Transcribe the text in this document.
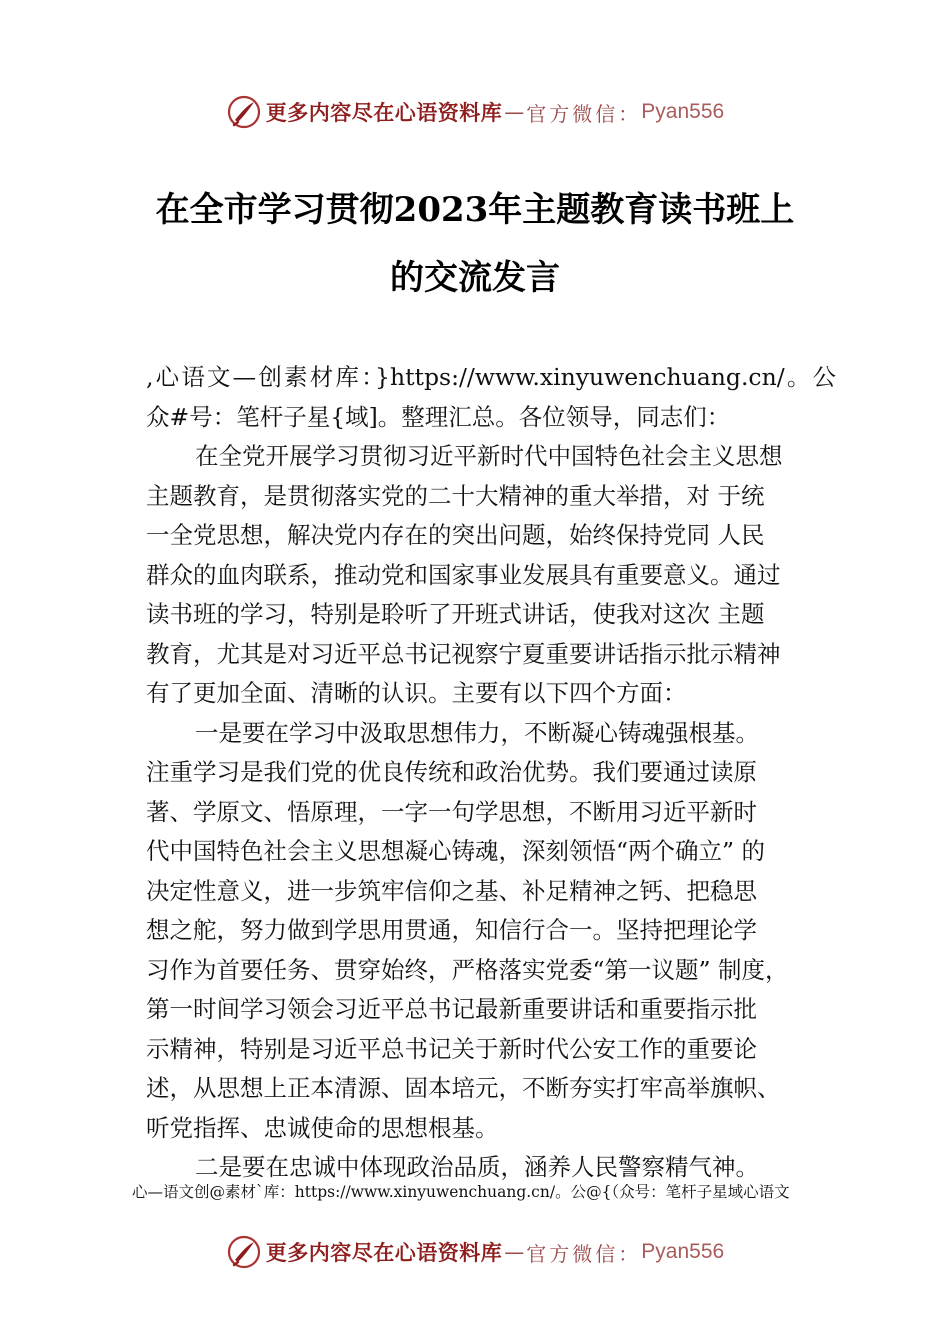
更多内容尽在心语资料库 — 官方微信： Pyan556
在全市学习贯彻2023年主题教育读书班上
的交流发言
,心语文—创素材库：}https://www.xinyuwenchuang.cn/。公
众#号：笔杆子星{域]。整理汇总。各位领导，同志们：
在全党开展学习贯彻习近平新时代中国特色社会主义思想
主题教育，是贯彻落实党的二十大精神的重大举措，对 于统
一全党思想，解决党内存在的突出问题，始终保持党同 人民
群众的血肉联系，推动党和国家事业发展具有重要意义。通过
读书班的学习，特别是聆听了开班式讲话，使我对这次 主题
教育，尤其是对习近平总书记视察宁夏重要讲话指示批示精神
有了更加全面、清晰的认识。主要有以下四个方面：
一是要在学习中汲取思想伟力，不断凝心铸魂强根基。
注重学习是我们党的优良传统和政治优势。我们要通过读原
著、学原文、悟原理，一字一句学思想，不断用习近平新时
代中国特色社会主义思想凝心铸魂，深刻领悟“两个确立” 的
决定性意义，进一步筑牢信仰之基、补足精神之钙、把稳思
想之舵，努力做到学思用贯通，知信行合一。坚持把理论学
习作为首要任务、贯穿始终，严格落实党委“第一议题” 制度，
第一时间学习领会习近平总书记最新重要讲话和重要指示批
示精神，特别是习近平总书记关于新时代公安工作的重要论
述，从思想上正本清源、固本培元，不断夯实打牢高举旗帜、
听党指挥、忠诚使命的思想根基。
二是要在忠诚中体现政治品质，涵养人民警察精气神。
心—语文创@素材`库：https://www.xinyuwenchuang.cn/。公@{（众号：笔杆子星域心语文
更多内容尽在心语资料库 — 官方微信： Pyan556
